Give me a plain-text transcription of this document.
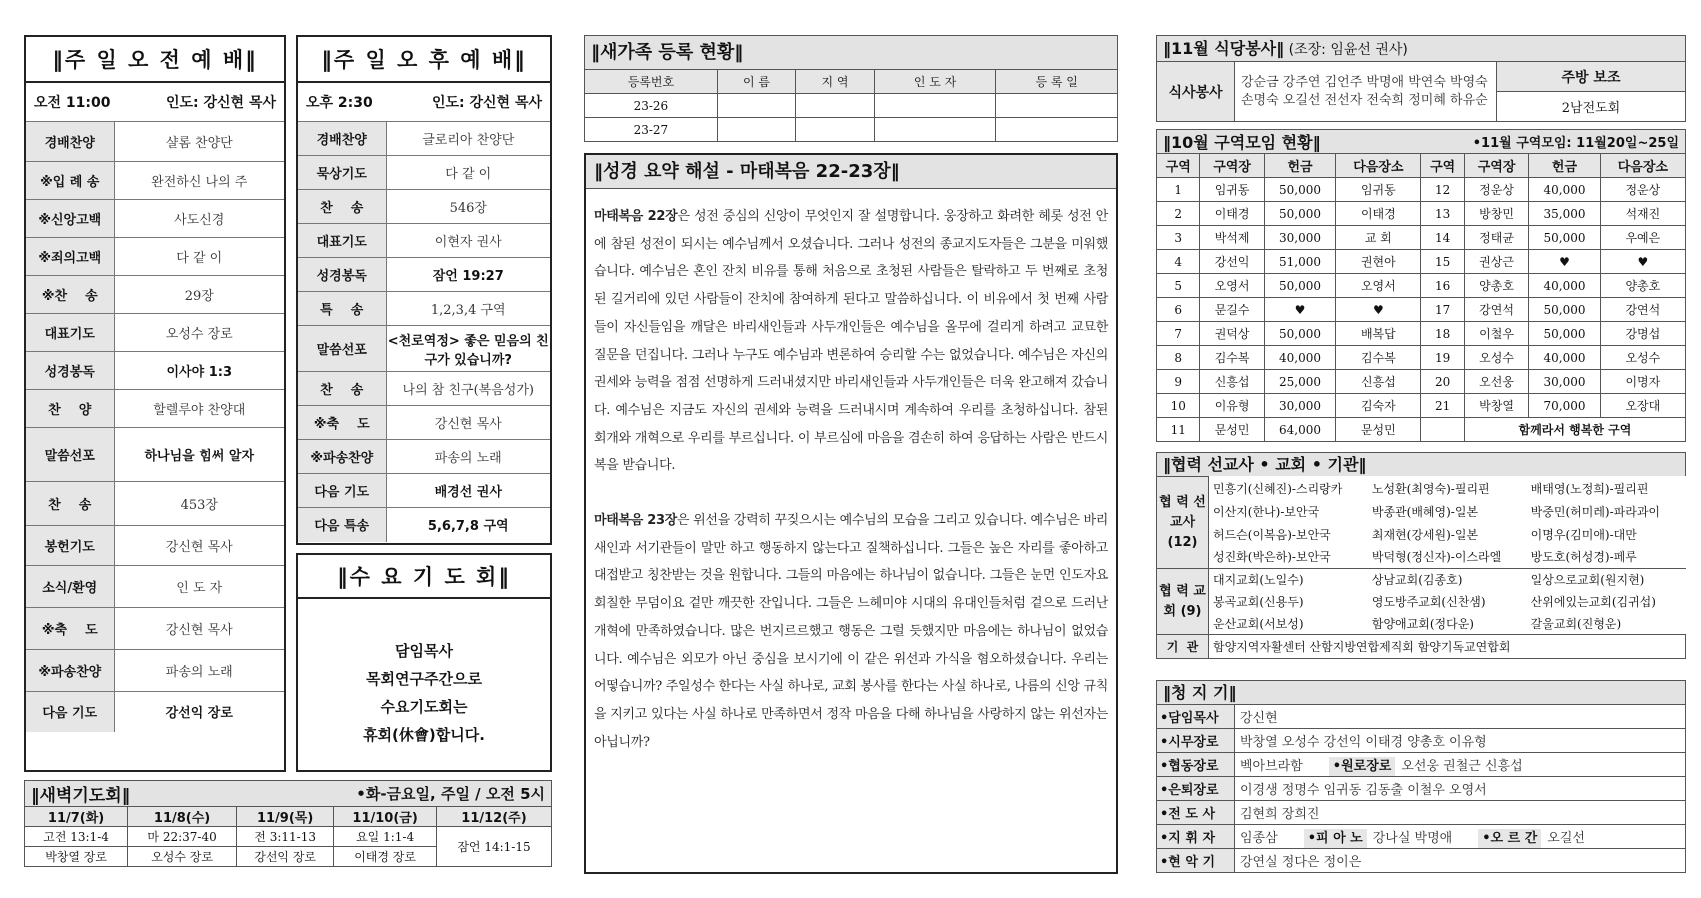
‖주 일 오 전 예 배‖
오전 11:00	인도: 강신현 목사
경배찬양	샬롬 찬양단
※입 례 송	완전하신 나의 주
※신앙고백	사도신경
※죄의고백	다 같 이
※찬    송	29장
대표기도	오성수 장로
성경봉독	이사야 1:3
찬    양	할렐루야 찬양대
말씀선포	하나님을 힘써 알자
찬    송	453장
봉헌기도	강신현 목사
소식/환영	인 도 자
※축    도	강신현 목사
※파송찬양	파송의 노래
다음 기도	강선익 장로
‖주 일 오 후 예 배‖
오후 2:30	인도: 강신현 목사
경배찬양	글로리아 찬양단
묵상기도	다 같 이
찬    송	546장
대표기도	이현자 권사
성경봉독	잠언 19:27
특    송	1,2,3,4 구역
말씀선포	<천로역정> 좋은 믿음의 친구가 있습니까?
찬    송	나의 참 친구(복음성가)
※축    도	강신현 목사
※파송찬양	파송의 노래
다음 기도	배경선 권사
다음 특송	5,6,7,8 구역
‖수 요 기 도 회‖
담임목사
목회연구주간으로
수요기도회는
휴회(休會)합니다.
‖새벽기도회‖	•화-금요일, 주일 / 오전 5시
11/7(화)	11/8(수)	11/9(목)	11/10(금)	11/12(주)
고전 13:1-4	마 22:37-40	전 3:11-13	요일 1:1-4	잠언 14:1-15
박창열 장로	오성수 장로	강선익 장로	이태경 장로	
‖새가족 등록 현황‖
등록번호	이 름	지 역	인 도 자	등 록 일
23-26				
23-27				
‖성경 요약 해설 - 마태복음 22-23장‖

마태복음 22장은 성전 중심의 신앙이 무엇인지 잘 설명합니다. 웅장하고 화려한 헤롯 성전 안에 참된 성전이 되시는 예수님께서 오셨습니다. 그러나 성전의 종교지도자들은 그분을 미워했습니다. 예수님은 혼인 잔치 비유를 통해 처음으로 초청된 사람들은 탈락하고 두 번째로 초청된 길거리에 있던 사람들이 잔치에 참여하게 된다고 말씀하십니다. 이 비유에서 첫 번째 사람들이 자신들임을 깨달은 바리새인들과 사두개인들은 예수님을 올무에 걸리게 하려고 교묘한 질문을 던집니다. 그러나 누구도 예수님과 변론하여 승리할 수는 없었습니다. 예수님은 자신의 권세와 능력을 점점 선명하게 드러내셨지만 바리새인들과 사두개인들은 더욱 완고해져 갔습니다. 예수님은 지금도 자신의 권세와 능력을 드러내시며 계속하여 우리를 초청하십니다. 참된 회개와 개혁으로 우리를 부르십니다. 이 부르심에 마음을 겸손히 하여 응답하는 사람은 반드시 복을 받습니다.

마태복음 23장은 위선을 강력히 꾸짖으시는 예수님의 모습을 그리고 있습니다. 예수님은 바리새인과 서기관들이 말만 하고 행동하지 않는다고 질책하십니다. 그들은 높은 자리를 좋아하고 대접받고 칭찬받는 것을 원합니다. 그들의 마음에는 하나님이 없습니다. 그들은 눈먼 인도자요 회칠한 무덤이요 겉만 깨끗한 잔입니다. 그들은 느헤미야 시대의 유대인들처럼 겉으로 드러난 개혁에 만족하였습니다. 많은 번지르르했고 행동은 그럴 듯했지만 마음에는 하나님이 없었습니다. 예수님은 외모가 아닌 중심을 보시기에 이 같은 위선과 가식을 혐오하셨습니다. 우리는 어떻습니까? 주일성수 한다는 사실 하나로, 교회 봉사를 한다는 사실 하나로, 나름의 신앙 규칙을 지키고 있다는 사실 하나로 만족하면서 정작 마음을 다해 하나님을 사랑하지 않는 위선자는 아닙니까?

‖11월 식당봉사‖ (조장: 임윤선 권사)
식사봉사	강순금 강주연 김언주 박명애 박연숙 박영숙 손명숙 오길선 전선자 전숙희 정미혜 하유순	주방 보조
2남전도회
‖10월 구역모임 현황‖	•11월 구역모임: 11월20일~25일
구역	구역장	헌금	다음장소	구역	구역장	헌금	다음장소
1	임귀동	50,000	임귀동	12	정운상	40,000	정운상
2	이태경	50,000	이태경	13	방창민	35,000	석재진
3	박석제	30,000	교 회	14	정태균	50,000	우예은
4	강선익	51,000	권현아	15	권상근	♥	♥
5	오영서	50,000	오영서	16	양총호	40,000	양총호
6	문길수	♥	♥	17	강연석	50,000	강연석
7	권덕상	50,000	배복답	18	이철우	50,000	강명섭
8	김수복	40,000	김수복	19	오성수	40,000	오성수
9	신흥섭	25,000	신흥섭	20	오선웅	30,000	이명자
10	이유형	30,000	김숙자	21	박창열	70,000	오장대
11	문성민	64,000	문성민		함께라서 행복한 구역		
‖협력 선교사 • 교회 • 기관‖
협 력 선교사 (12)	민흥기(신혜진)-스리랑카	노성환(최영숙)-필리핀	배태영(노정희)-필리핀
	이산지(한나)-보안국	박종관(배혜영)-일본	박중민(허미레)-파라과이
	허드슨(이복음)-보안국	최재현(강세원)-일본	이명우(김미애)-대만
	성진화(박은하)-보안국	박덕형(정신자)-이스라엘	방도호(허성경)-페루
협 력 교 회 (9)	대지교회(노일수)	상남교회(김종호)	일상으로교회(원지현)
	봉곡교회(신용두)	영도방주교회(신찬샘)	산위에있는교회(김귀섭)
	운산교회(서보성)	함양애교회(정다운)	갈울교회(진형운)
기  관	함양지역자활센터 산함지방연합제직회 함양기독교연합회		
‖청 지 기‖
•담임목사	강신현
•시무장로	박창열 오성수 강선익 이태경 양총호 이유형
•협동장로	벡아브라함 •원로장로 오선웅 권철근 신흥섭
•은퇴장로	이경생 정명수 임귀동 김동출 이철우 오영서
•전 도 사	김현희 장희진
•지 휘 자	임종삼 •피 아 노 강나실 박명애 •오 르 간 오길선
•현 악 기	강연실 정다은 정이은
